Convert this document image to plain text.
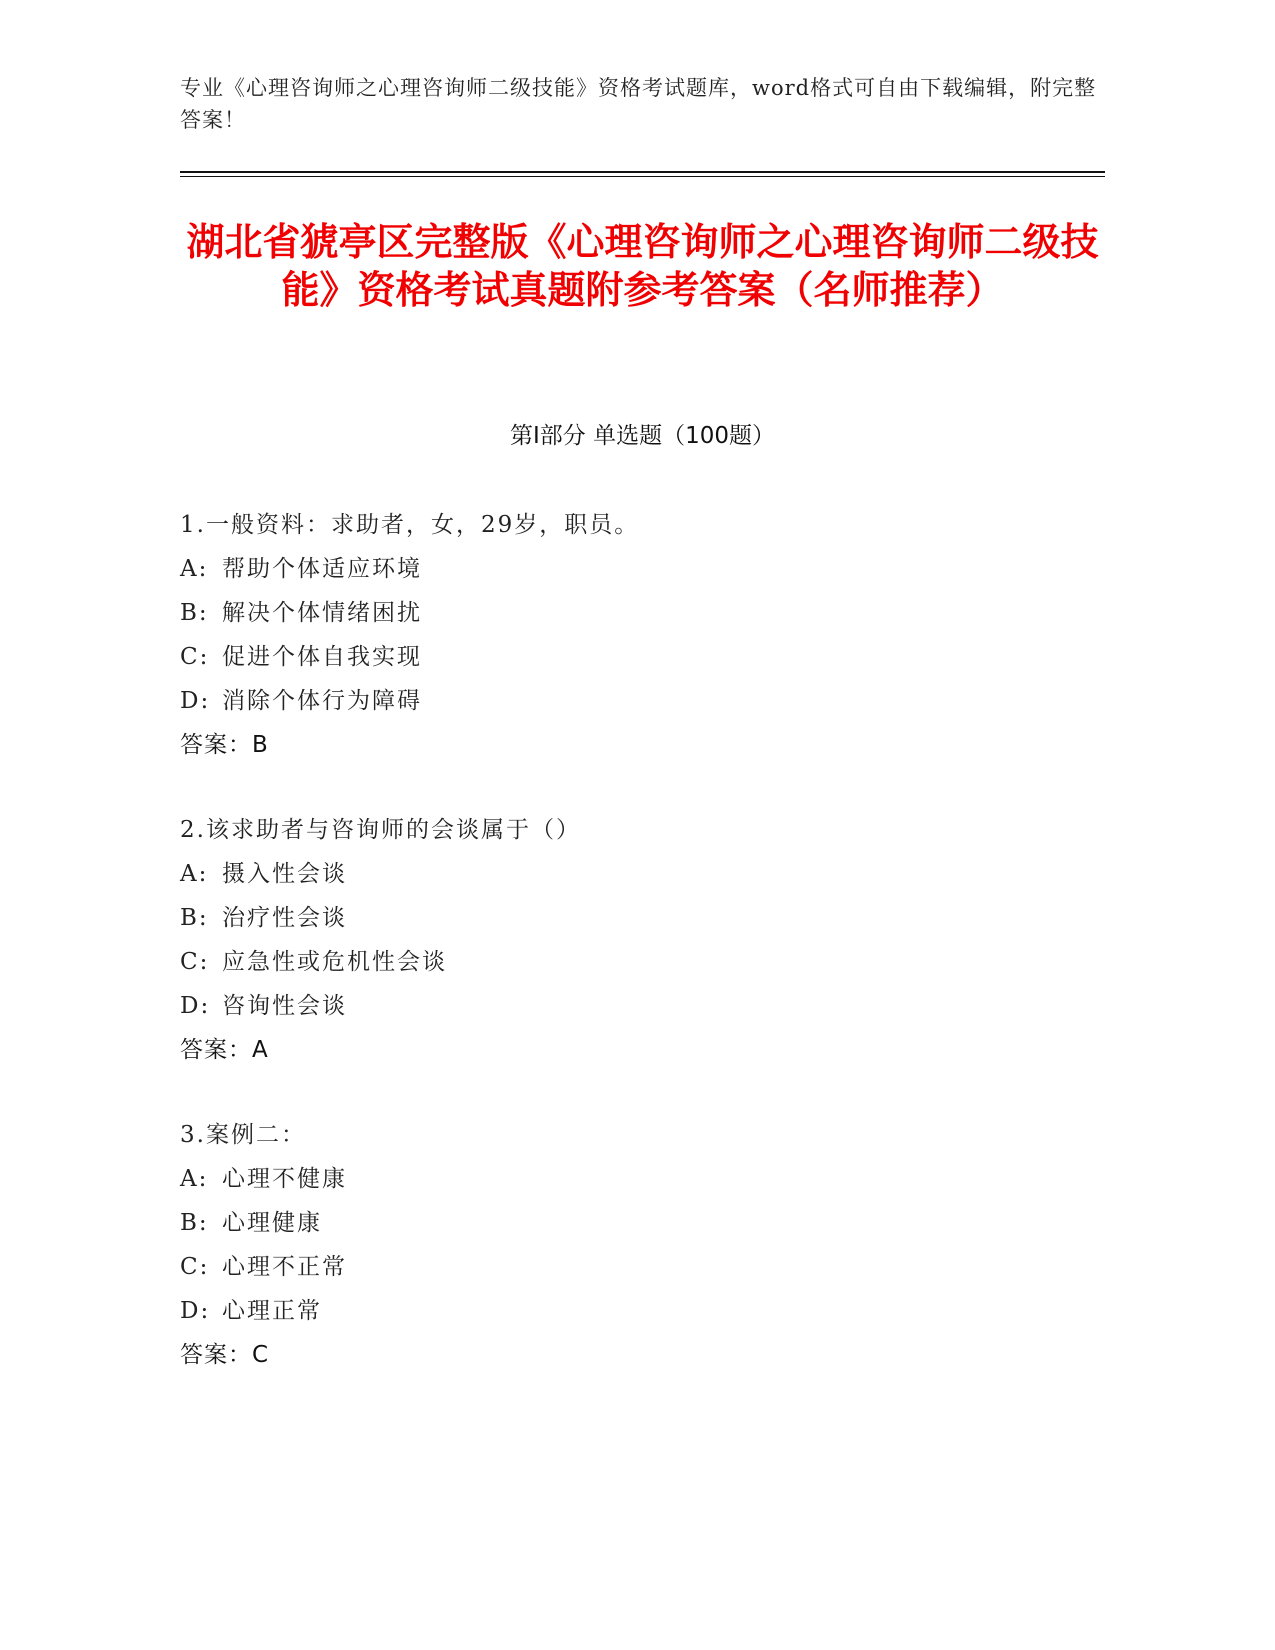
专业《心理咨询师之心理咨询师二级技能》资格考试题库，word格式可自由下载编辑，附完整答案！
湖北省猇亭区完整版《心理咨询师之心理咨询师二级技能》资格考试真题附参考答案（名师推荐）
第Ⅰ部分 单选题（100题）
1.一般资料：求助者，女，29岁，职员。
A: 帮助个体适应环境
B: 解决个体情绪困扰
C: 促进个体自我实现
D: 消除个体行为障碍
答案：B
2.该求助者与咨询师的会谈属于（）
A: 摄入性会谈
B: 治疗性会谈
C: 应急性或危机性会谈
D: 咨询性会谈
答案：A
3.案例二：
A: 心理不健康
B: 心理健康
C: 心理不正常
D: 心理正常
答案：C
